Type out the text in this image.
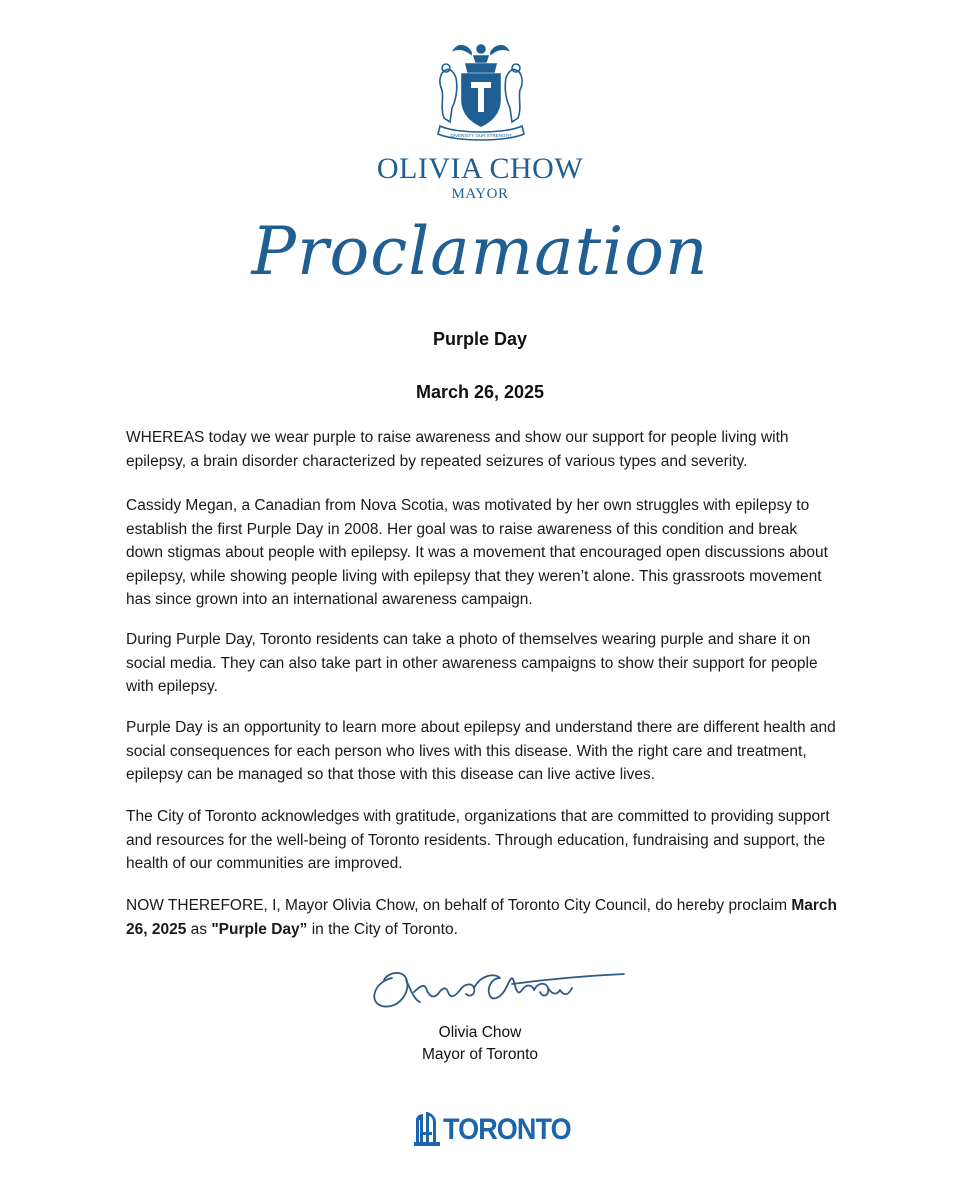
DIVERSITY OUR STRENGTH
OLIVIA CHOW
MAYOR
Proclamation
Purple Day
March 26, 2025
WHEREAS today we wear purple to raise awareness and show our support for people living with epilepsy, a brain disorder characterized by repeated seizures of various types and severity.
Cassidy Megan, a Canadian from Nova Scotia, was motivated by her own struggles with epilepsy to establish the first Purple Day in 2008. Her goal was to raise awareness of this condition and break down stigmas about people with epilepsy. It was a movement that encouraged open discussions about epilepsy, while showing people living with epilepsy that they weren’t alone. This grassroots movement has since grown into an international awareness campaign.
During Purple Day, Toronto residents can take a photo of themselves wearing purple and share it on social media. They can also take part in other awareness campaigns to show their support for people with epilepsy.
Purple Day is an opportunity to learn more about epilepsy and understand there are different health and social consequences for each person who lives with this disease. With the right care and treatment, epilepsy can be managed so that those with this disease can live active lives.
The City of Toronto acknowledges with gratitude, organizations that are committed to providing support and resources for the well-being of Toronto residents. Through education, fundraising and support, the health of our communities are improved.
NOW THEREFORE, I, Mayor Olivia Chow, on behalf of Toronto City Council, do hereby proclaim March 26, 2025 as "Purple Day” in the City of Toronto.
Olivia Chow
Mayor of Toronto
TORONTO
